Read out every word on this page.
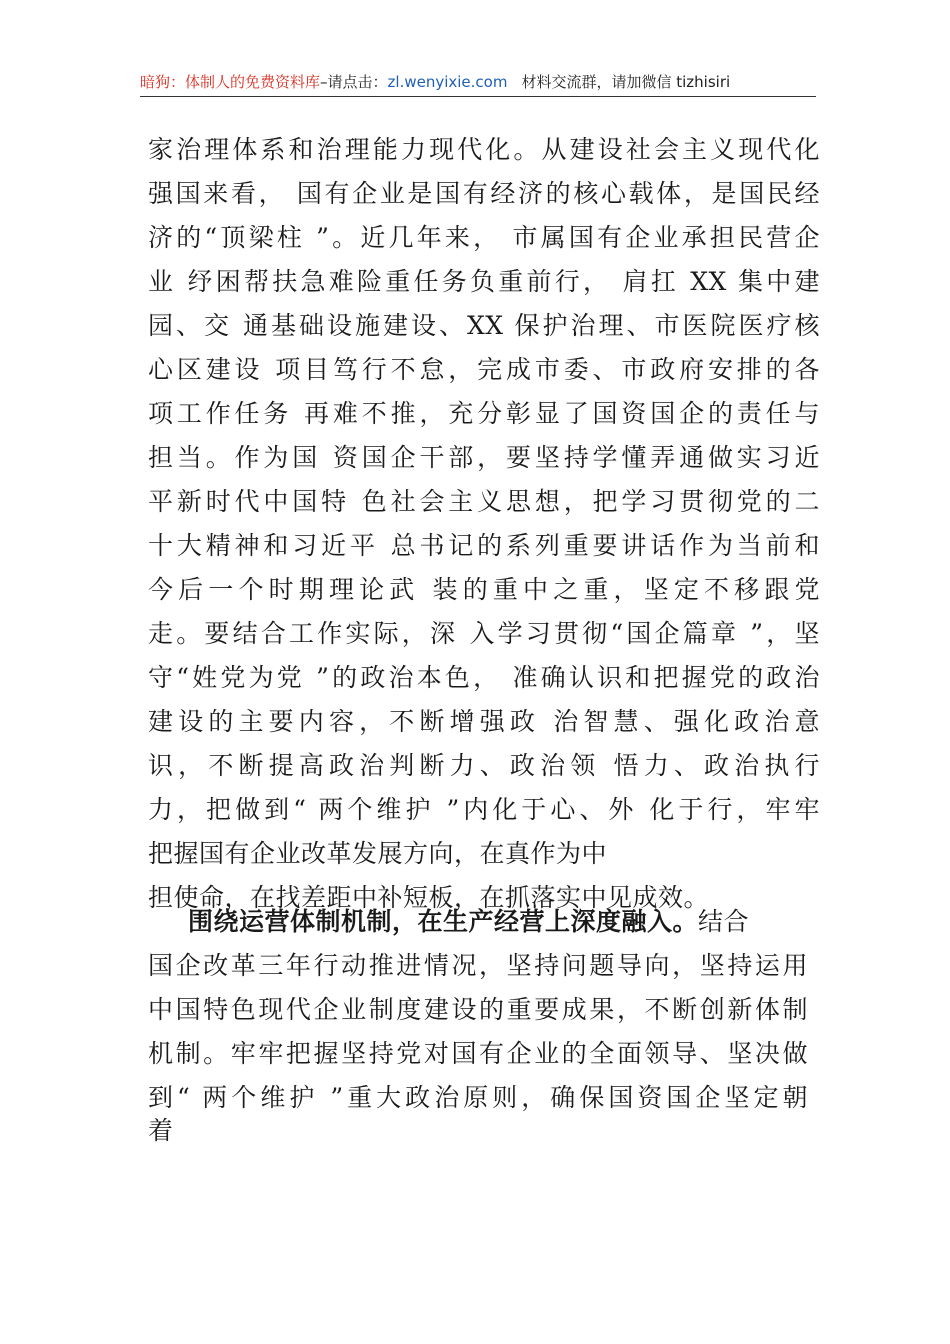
暗狗：体制人的免费资料库–请点击：zl.wenyixie.com 材料交流群，请加微信 tizhisiri
家治理体系和治理能力现代化。从建设社会主义现代化
强国来看， 国有企业是国有经济的核心载体，是国民经
济的“顶梁柱 ”。近几年来， 市属国有企业承担民营企
业 纾困帮扶急难险重任务负重前行， 肩扛 XX 集中建
园、交 通基础设施建设、XX 保护治理、市医院医疗核
心区建设 项目笃行不怠，完成市委、市政府安排的各
项工作任务 再难不推，充分彰显了国资国企的责任与
担当。作为国 资国企干部，要坚持学懂弄通做实习近
平新时代中国特 色社会主义思想，把学习贯彻党的二
十大精神和习近平 总书记的系列重要讲话作为当前和
今后一个时期理论武 装的重中之重，坚定不移跟党
走。要结合工作实际，深 入学习贯彻“国企篇章 ”，坚
守“姓党为党 ”的政治本色， 准确认识和把握党的政治
建设的主要内容，不断增强政 治智慧、强化政治意
识，不断提高政治判断力、政治领 悟力、政治执行
力，把做到“ 两个维护 ”内化于心、外 化于行，牢牢
把握国有企业改革发展方向，在真作为中
担使命，在找差距中补短板，在抓落实中见成效。
围绕运营体制机制，在生产经营上深度融入。结合
国企改革三年行动推进情况，坚持问题导向，坚持运用
中国特色现代企业制度建设的重要成果，不断创新体制
机制。牢牢把握坚持党对国有企业的全面领导、坚决做
到“ 两个维护 ”重大政治原则，确保国资国企坚定朝
着
